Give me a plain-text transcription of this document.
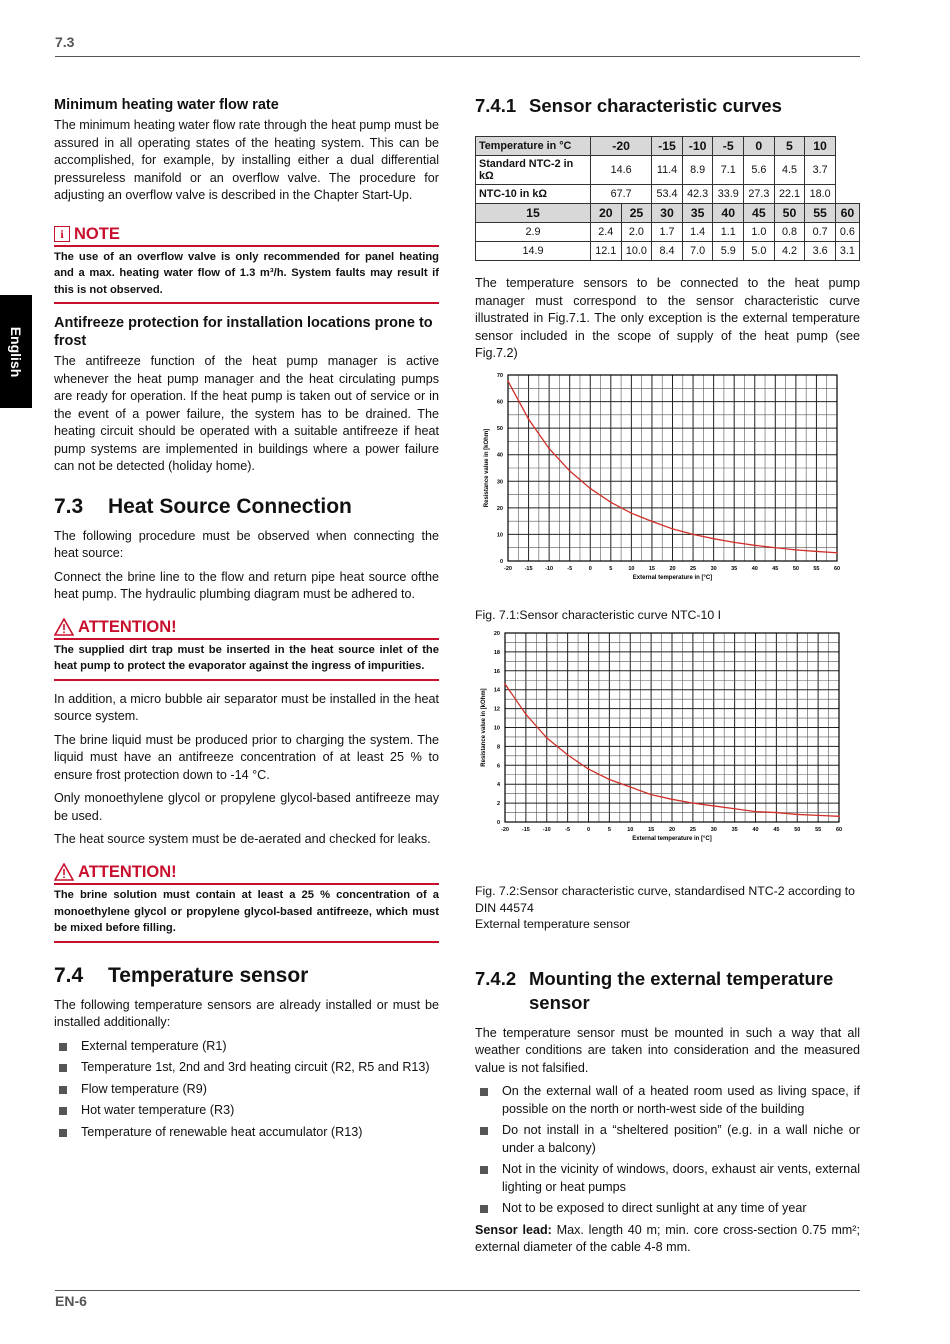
7.3
English
Minimum heating water flow rate

The minimum heating water flow rate through the heat pump must be assured in all operating states of the heating system. This can be accomplished, for example, by installing either a dual differential pressureless manifold or an overflow valve. The procedure for adjusting an overflow valve is described in the Chapter Start-Up.

i NOTE
The use of an overflow valve is only recommended for panel heating and a max. heating water flow of 1.3 m³/h. System faults may result if this is not observed.
Antifreeze protection for installation locations prone to frost

The antifreeze function of the heat pump manager is active whenever the heat pump manager and the heat circulating pumps are ready for operation. If the heat pump is taken out of service or in the event of a power failure, the system has to be drained. The heating circuit should be operated with a suitable antifreeze if heat pump systems are implemented in buildings where a power failure can not be detected (holiday home).

7.3	Heat Source Connection

The following procedure must be observed when connecting the heat source:

Connect the brine line to the flow and return pipe heat source ofthe heat pump. The hydraulic plumbing diagram must be adhered to.

ATTENTION!
The supplied dirt trap must be inserted in the heat source inlet of the heat pump to protect the evaporator against the ingress of impurities.

In addition, a micro bubble air separator must be installed in the heat source system.

The brine liquid must be produced prior to charging the system. The liquid must have an antifreeze concentration of at least 25 % to ensure frost protection down to -14 °C.

Only monoethylene glycol or propylene glycol-based antifreeze may be used.

The heat source system must be de-aerated and checked for leaks.

ATTENTION!
The brine solution must contain at least a 25 % concentration of a monoethylene glycol or propylene glycol-based antifreeze, which must be mixed before filling.
7.4	Temperature sensor

The following temperature sensors are already installed or must be installed additionally:

External temperature (R1)
Temperature 1st, 2nd and 3rd heating circuit (R2, R5 and R13)
Flow temperature (R9)
Hot water temperature (R3)
Temperature of renewable heat accumulator (R13)
7.4.1 Sensor characteristic curves
Temperature in °C	-20		-15	-10	-5	0	5	10	
Standard NTC-2 in kΩ	14.6		11.4	8.9	7.1	5.6	4.5	3.7	
NTC-10 in kΩ	67.7		53.4	42.3	33.9	27.3	22.1	18.0	
15	20	25	30	35	40	45	50	55	60
2.9	2.4	2.0	1.7	1.4	1.1	1.0	0.8	0.7	0.6
14.9	12.1	10.0	8.4	7.0	5.9	5.0	4.2	3.6	3.1

The temperature sensors to be connected to the heat pump manager must correspond to the sensor characteristic curve illustrated in Fig.7.1. The only exception is the external temperature sensor included in the scope of supply of the heat pump (see Fig.7.2)

-20 -15 -10	-5	0	5	10	15	20	25	30	35	40	45	50	55	60
0
10
20
30
40
50
60
70
External temperature in [°C]
Resistance value in [kOhm]
Fig. 7.1:Sensor characteristic curve NTC-10 I
-20 -15 -10	-5	0	5	10	15	20	25	30	35	40	45	50	55	60
0
2
4
6
8
10
12
14
16
18
20
External temperature in [°C]
Resistance value in [kOhm]
Fig. 7.2:Sensor characteristic curve, standardised NTC-2 according to DIN 44574
External temperature sensor
7.4.2 Mounting the external temperature sensor

The temperature sensor must be mounted in such a way that all weather conditions are taken into consideration and the measured value is not falsified.

On the external wall of a heated room used as living space, if possible on the north or north-west side of the building
Do not install in a “sheltered position” (e.g. in a wall niche or under a balcony)
Not in the vicinity of windows, doors, exhaust air vents, external lighting or heat pumps
Not to be exposed to direct sunlight at any time of year

Sensor lead: Max. length 40 m; min. core cross-section 0.75 mm²; external diameter of the cable 4-8 mm.

EN-6
